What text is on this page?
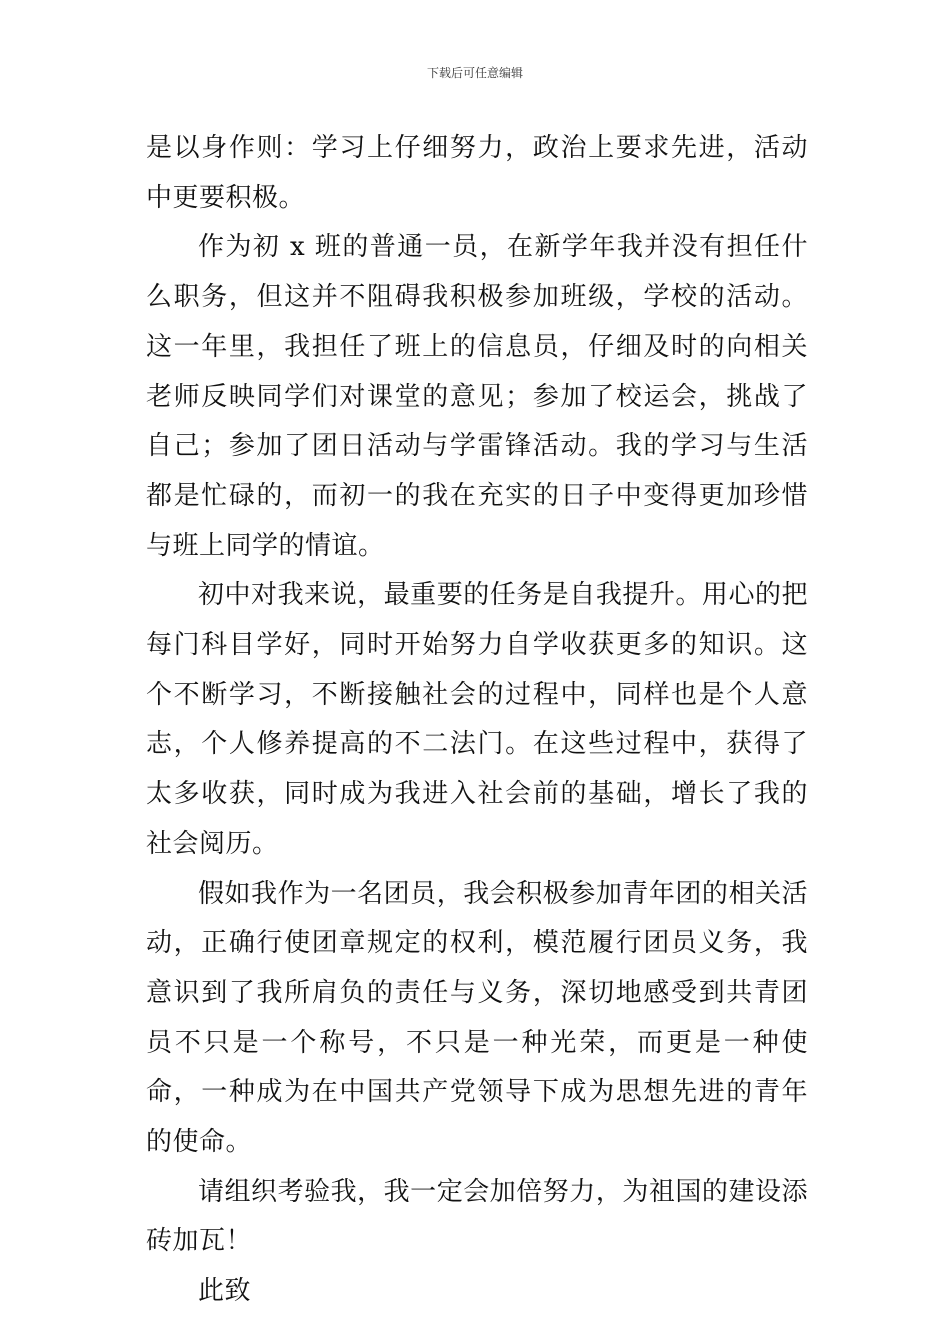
下载后可任意编辑

是以身作则：学习上仔细努力，政治上要求先进，活动中更要积极。

作为初 x 班的普通一员，在新学年我并没有担任什么职务，但这并不阻碍我积极参加班级，学校的活动。这一年里，我担任了班上的信息员，仔细及时的向相关老师反映同学们对课堂的意见；参加了校运会，挑战了自己；参加了团日活动与学雷锋活动。我的学习与生活都是忙碌的，而初一的我在充实的日子中变得更加珍惜与班上同学的情谊。

初中对我来说，最重要的任务是自我提升。用心的把每门科目学好，同时开始努力自学收获更多的知识。这个不断学习，不断接触社会的过程中，同样也是个人意志，个人修养提高的不二法门。在这些过程中，获得了太多收获，同时成为我进入社会前的基础，增长了我的社会阅历。

假如我作为一名团员，我会积极参加青年团的相关活动，正确行使团章规定的权利，模范履行团员义务，我意识到了我所肩负的责任与义务，深切地感受到共青团员不只是一个称号，不只是一种光荣，而更是一种使命，一种成为在中国共产党领导下成为思想先进的青年的使命。

请组织考验我，我一定会加倍努力，为祖国的建设添砖加瓦！

此致
